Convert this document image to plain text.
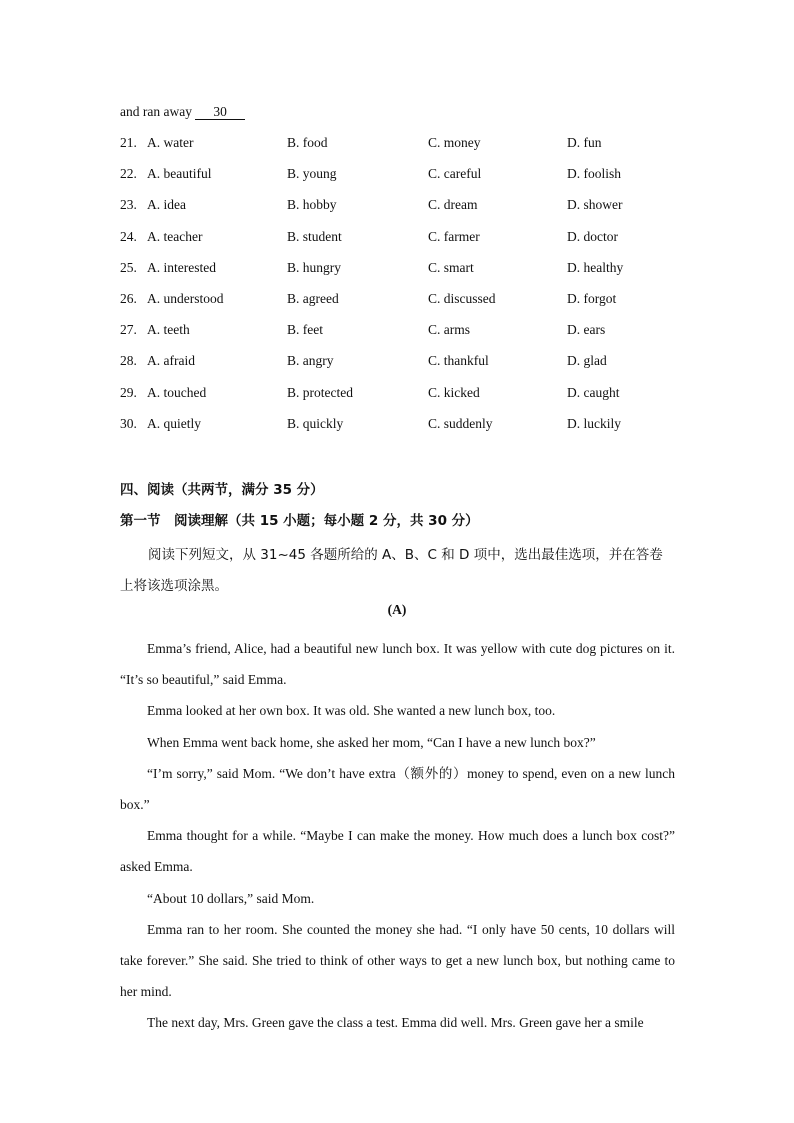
and ran away 30
21. A. water	B. food	C. money	D. fun
22. A. beautiful	B. young	C. careful	D. foolish
23. A. idea	B. hobby	C. dream	D. shower
24. A. teacher	B. student	C. farmer	D. doctor
25. A. interested	B. hungry	C. smart	D. healthy
26. A. understood	B. agreed	C. discussed	D. forgot
27. A. teeth	B. feet	C. arms	D. ears
28. A. afraid	B. angry	C. thankful	D. glad
29. A. touched	B. protected	C. kicked	D. caught
30. A. quietly	B. quickly	C. suddenly	D. luckily
四、阅读（共两节，满分 35 分）
第一节　阅读理解（共 15 小题；每小题 2 分，共 30 分）
阅读下列短文，从 31~45 各题所给的 A、B、C 和 D 项中，选出最佳选项，并在答卷上将该选项涂黑。
(A)

Emma’s friend, Alice, had a beautiful new lunch box. It was yellow with cute dog pictures on it. “It’s so beautiful,” said Emma.

Emma looked at her own box. It was old. She wanted a new lunch box, too.

When Emma went back home, she asked her mom, “Can I have a new lunch box?”

“I’m sorry,” said Mom. “We don’t have extra（额外的）money to spend, even on a new lunch box.”

Emma thought for a while. “Maybe I can make the money. How much does a lunch box cost?” asked Emma.

“About 10 dollars,” said Mom.

Emma ran to her room. She counted the money she had. “I only have 50 cents, 10 dollars will take forever.” She said. She tried to think of other ways to get a new lunch box, but nothing came to her mind.

The next day, Mrs. Green gave the class a test. Emma did well. Mrs. Green gave her a smile
